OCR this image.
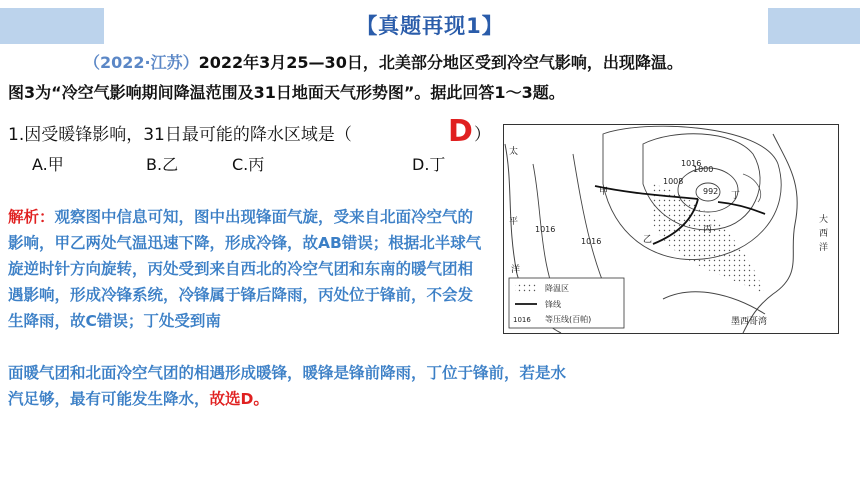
【真题再现1】
（2022·江苏）2022年3月25—30日，北美部分地区受到冷空气影响，出现降温。
图3为“冷空气影响期间降温范围及31日地面天气形势图”。据此回答1～3题。
1.因受暖锋影响，31日最可能的降水区域是（	D ）
A.甲	B.乙	C.丙	D.丁
解析：观察图中信息可知，图中出现锋面气旋，受来自北面冷空气的影响，甲乙两处气温迅速下降，形成冷锋，故AB错误；根据北半球气旋逆时针方向旋转，丙处受到来自西北的冷空气团和东南的暖气团相遇影响，形成冷锋系统，冷锋属于锋后降雨，丙处位于锋前，不会发生降雨，故C错误；丁处受到南
面暖气团和北面冷空气团的相遇形成暖锋，暖锋是锋前降雨，丁位于锋前，若是水
汽足够，最有可能发生降水，故选D。
1016
1008
1000
992
1016
1016
甲
乙
丙
丁
大
西
洋
太
平
洋
墨西哥湾
降温区
锋线
1016 等压线(百帕)
